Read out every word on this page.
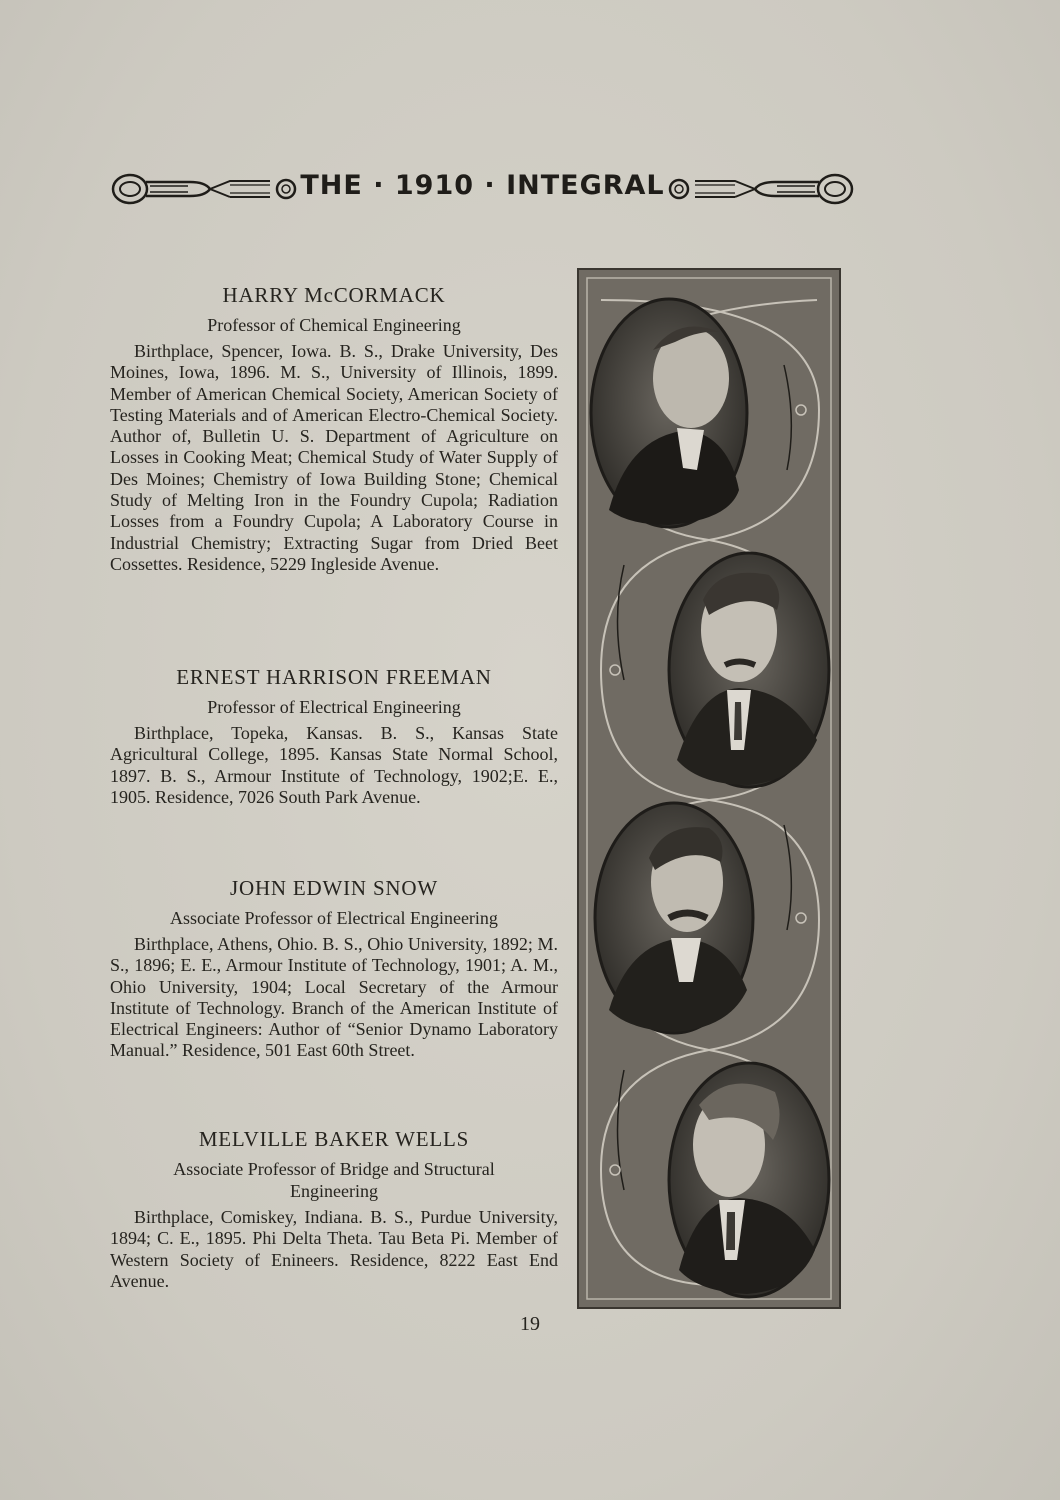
THE · 1910 · INTEGRAL
HARRY McCORMACK
Professor of Chemical Engineering

Birthplace, Spencer, Iowa. B. S., Drake University, Des Moines, Iowa, 1896. M. S., University of Illinois, 1899. Member of American Chemical Society, American Society of Testing Materials and of American Electro-Chemical Society. Author of, Bulletin U. S. Department of Agriculture on Losses in Cooking Meat; Chemical Study of Water Supply of Des Moines; Chemistry of Iowa Building Stone; Chemical Study of Melting Iron in the Foundry Cupola; Radiation Losses from a Foundry Cupola; A Laboratory Course in Industrial Chemistry; Extracting Sugar from Dried Beet Cossettes. Residence, 5229 Ingleside Avenue.

ERNEST HARRISON FREEMAN
Professor of Electrical Engineering

Birthplace, Topeka, Kansas. B. S., Kansas State Agricultural College, 1895. Kansas State Normal School, 1897. B. S., Armour Institute of Technology, 1902;E. E., 1905. Residence, 7026 South Park Avenue.

JOHN EDWIN SNOW
Associate Professor of Electrical Engineering

Birthplace, Athens, Ohio. B. S., Ohio University, 1892; M. S., 1896; E. E., Armour Institute of Technology, 1901; A. M., Ohio University, 1904; Local Secretary of the Armour Institute of Technology. Branch of the American Institute of Electrical Engineers: Author of “Senior Dynamo Laboratory Manual.” Residence, 501 East 60th Street.

MELVILLE BAKER WELLS
Associate Professor of Bridge and Structural Engineering

Birthplace, Comiskey, Indiana. B. S., Purdue University, 1894; C. E., 1895. Phi Delta Theta. Tau Beta Pi. Member of Western Society of Enineers. Residence, 8222 East End Avenue.

19
